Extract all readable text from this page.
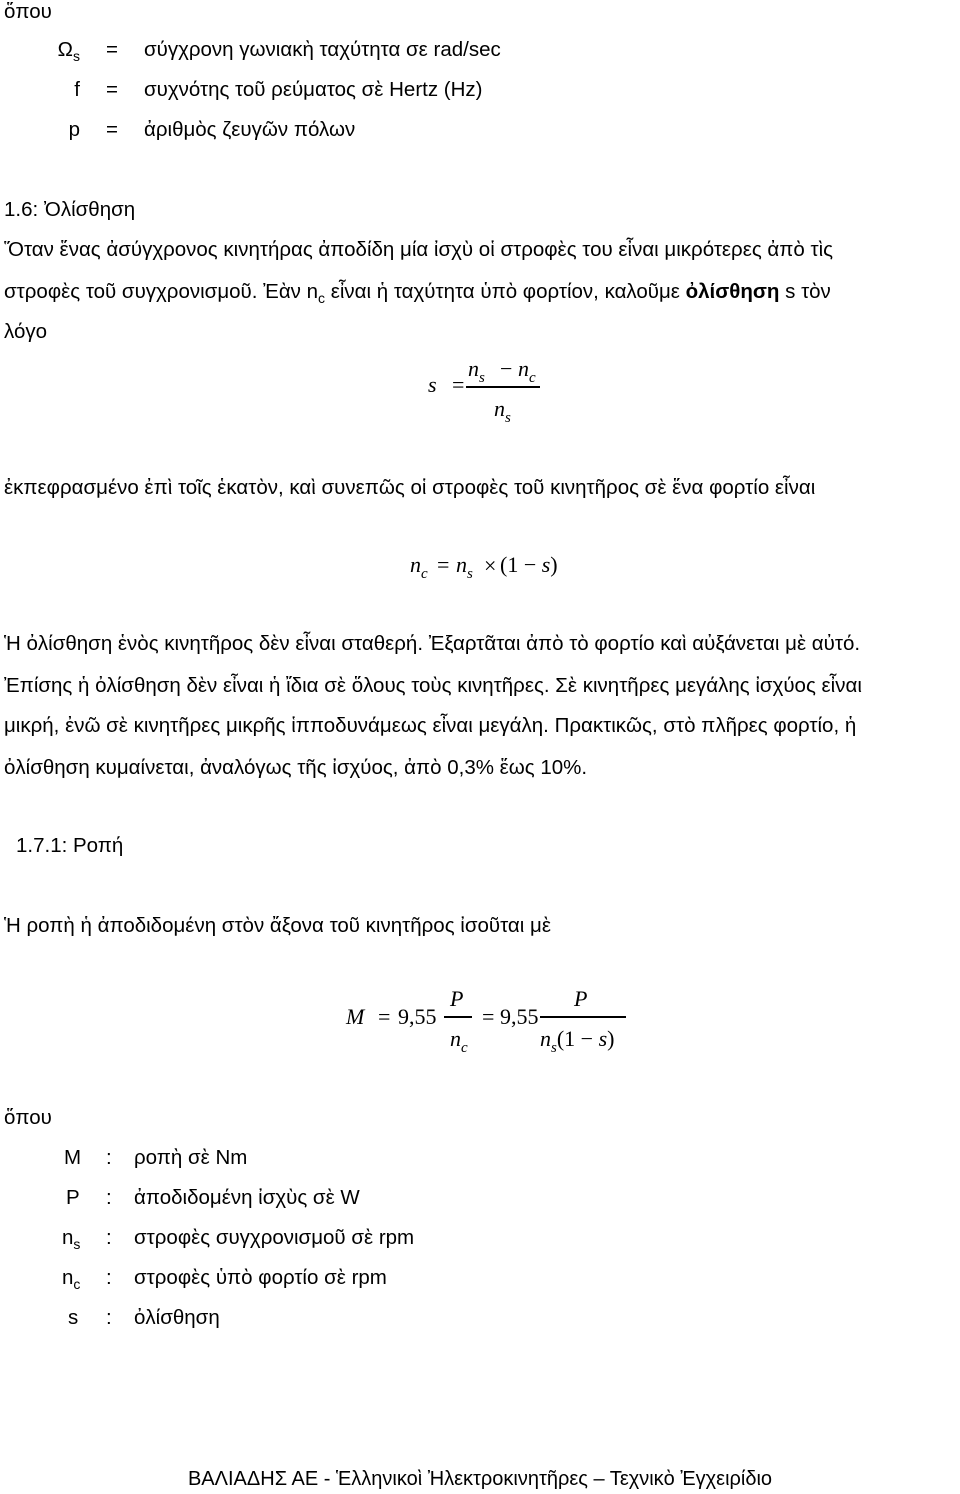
ὅπου
$\Omega_s = \sigma ύ\gamma\chi\rho o\nu\eta$ γωνιακὴ ταχύτητα σε rad/sec
f = συχνότης τοῦ ρεύματος σὲ Hertz (Hz)
p = ἀριθμὸς ζευγῶν πόλων
1.6: Ὀλίσθηση
Ὅταν ἕνας ἀσύγχρονος κινητήρας ἀποδίδη μία ἰσχὺ οἱ στροφὲς του εἶναι μικρότερες ἀπὸ τὶς
στροφὲς τοῦ συγχρονισμοῦ. Ἐὰν $n_c$ εἶναι ἡ ταχύτητα ὑπὸ φορτίον, καλοῦμε ὀλίσθηση s τὸν
λόγο
s =
$n_s - n_c$
$n_s$
ἐκπεφρασμένο ἐπὶ τοῖς ἑκατὸν, καὶ συνεπῶς οἱ στροφὲς τοῦ κινητῆρος σὲ ἕνα φορτίο εἶναι
$n_c = n_s \times (1 - s)$
Ἡ ὀλίσθηση ἑνὸς κινητῆρος δὲν εἶναι σταθερή. Ἐξαρτᾶται ἀπὸ τὸ φορτίο καὶ αὐξάνεται μὲ αὐτό.
Ἐπίσης ἡ ὀλίσθηση δὲν εἶναι ἡ ἴδια σὲ ὅλους τοὺς κινητῆρες. Σὲ κινητῆρες μεγάλης ἰσχύος εἶναι
μικρή, ἐνῶ σὲ κινητῆρες μικρῆς ἱπποδυνάμεως εἶναι μεγάλη. Πρακτικῶς, στὸ πλῆρες φορτίο, ἡ
ὀλίσθηση κυμαίνεται, ἀναλόγως τῆς ἰσχύος, ἀπὸ 0,3% ἕως 10%.
1.7.1: Ροπή
Ἡ ροπὴ ἡ ἀποδιδομένη στὸν ἄξονα τοῦ κινητῆρος ἰσοῦται μὲ
M = 9,55
P
$n_c$
= 9,55
P
$n_s(1 - s)$
ὅπου
M : ροπὴ σὲ Nm
P : ἀποδιδομένη ἰσχὺς σὲ W
$n_s$ : στροφὲς συγχρονισμοῦ σὲ rpm
$n_c$ : στροφὲς ὑπὸ φορτίο σὲ rpm
s : ὀλίσθηση
ΒΑΛΙΑΔΗΣ ΑΕ - Ἑλληνικοὶ Ἠλεκτροκινητῆρες – Τεχνικὸ Ἐγχειρίδιο
